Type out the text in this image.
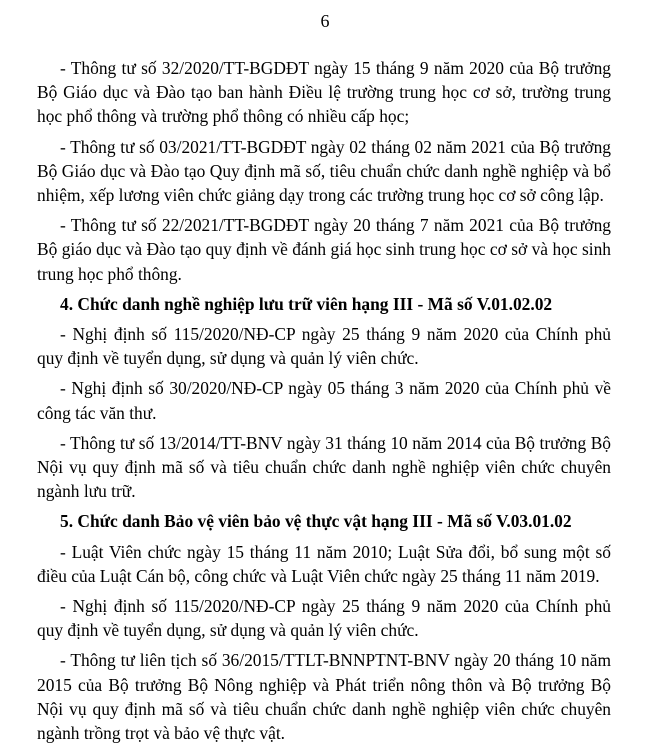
6

- Thông tư số 32/2020/TT-BGDĐT ngày 15 tháng 9 năm 2020 của Bộ trưởng Bộ Giáo dục và Đào tạo ban hành Điều lệ trường trung học cơ sở, trường trung học phổ thông và trường phổ thông có nhiều cấp học;

- Thông tư số 03/2021/TT-BGDĐT ngày 02 tháng 02 năm 2021 của Bộ trưởng Bộ Giáo dục và Đào tạo Quy định mã số, tiêu chuẩn chức danh nghề nghiệp và bổ nhiệm, xếp lương viên chức giảng dạy trong các trường trung học cơ sở công lập.

- Thông tư số 22/2021/TT-BGDĐT ngày 20 tháng 7 năm 2021 của Bộ trưởng Bộ giáo dục và Đào tạo quy định về đánh giá học sinh trung học cơ sở và học sinh trung học phổ thông.

4. Chức danh nghề nghiệp lưu trữ viên hạng III - Mã số V.01.02.02

- Nghị định số 115/2020/NĐ-CP ngày 25 tháng 9 năm 2020 của Chính phủ quy định về tuyển dụng, sử dụng và quản lý viên chức.

- Nghị định số 30/2020/NĐ-CP ngày 05 tháng 3 năm 2020 của Chính phủ về công tác văn thư.

- Thông tư số 13/2014/TT-BNV ngày 31 tháng 10 năm 2014 của Bộ trưởng Bộ Nội vụ quy định mã số và tiêu chuẩn chức danh nghề nghiệp viên chức chuyên ngành lưu trữ.

5. Chức danh Bảo vệ viên bảo vệ thực vật hạng III - Mã số V.03.01.02

- Luật Viên chức ngày 15 tháng 11 năm 2010; Luật Sửa đổi, bổ sung một số điều của Luật Cán bộ, công chức và Luật Viên chức ngày 25 tháng 11 năm 2019.

- Nghị định số 115/2020/NĐ-CP ngày 25 tháng 9 năm 2020 của Chính phủ quy định về tuyển dụng, sử dụng và quản lý viên chức.

- Thông tư liên tịch số 36/2015/TTLT-BNNPTNT-BNV ngày 20 tháng 10 năm 2015 của Bộ trưởng Bộ Nông nghiệp và Phát triển nông thôn và Bộ trưởng Bộ Nội vụ quy định mã số và tiêu chuẩn chức danh nghề nghiệp viên chức chuyên ngành trồng trọt và bảo vệ thực vật.
